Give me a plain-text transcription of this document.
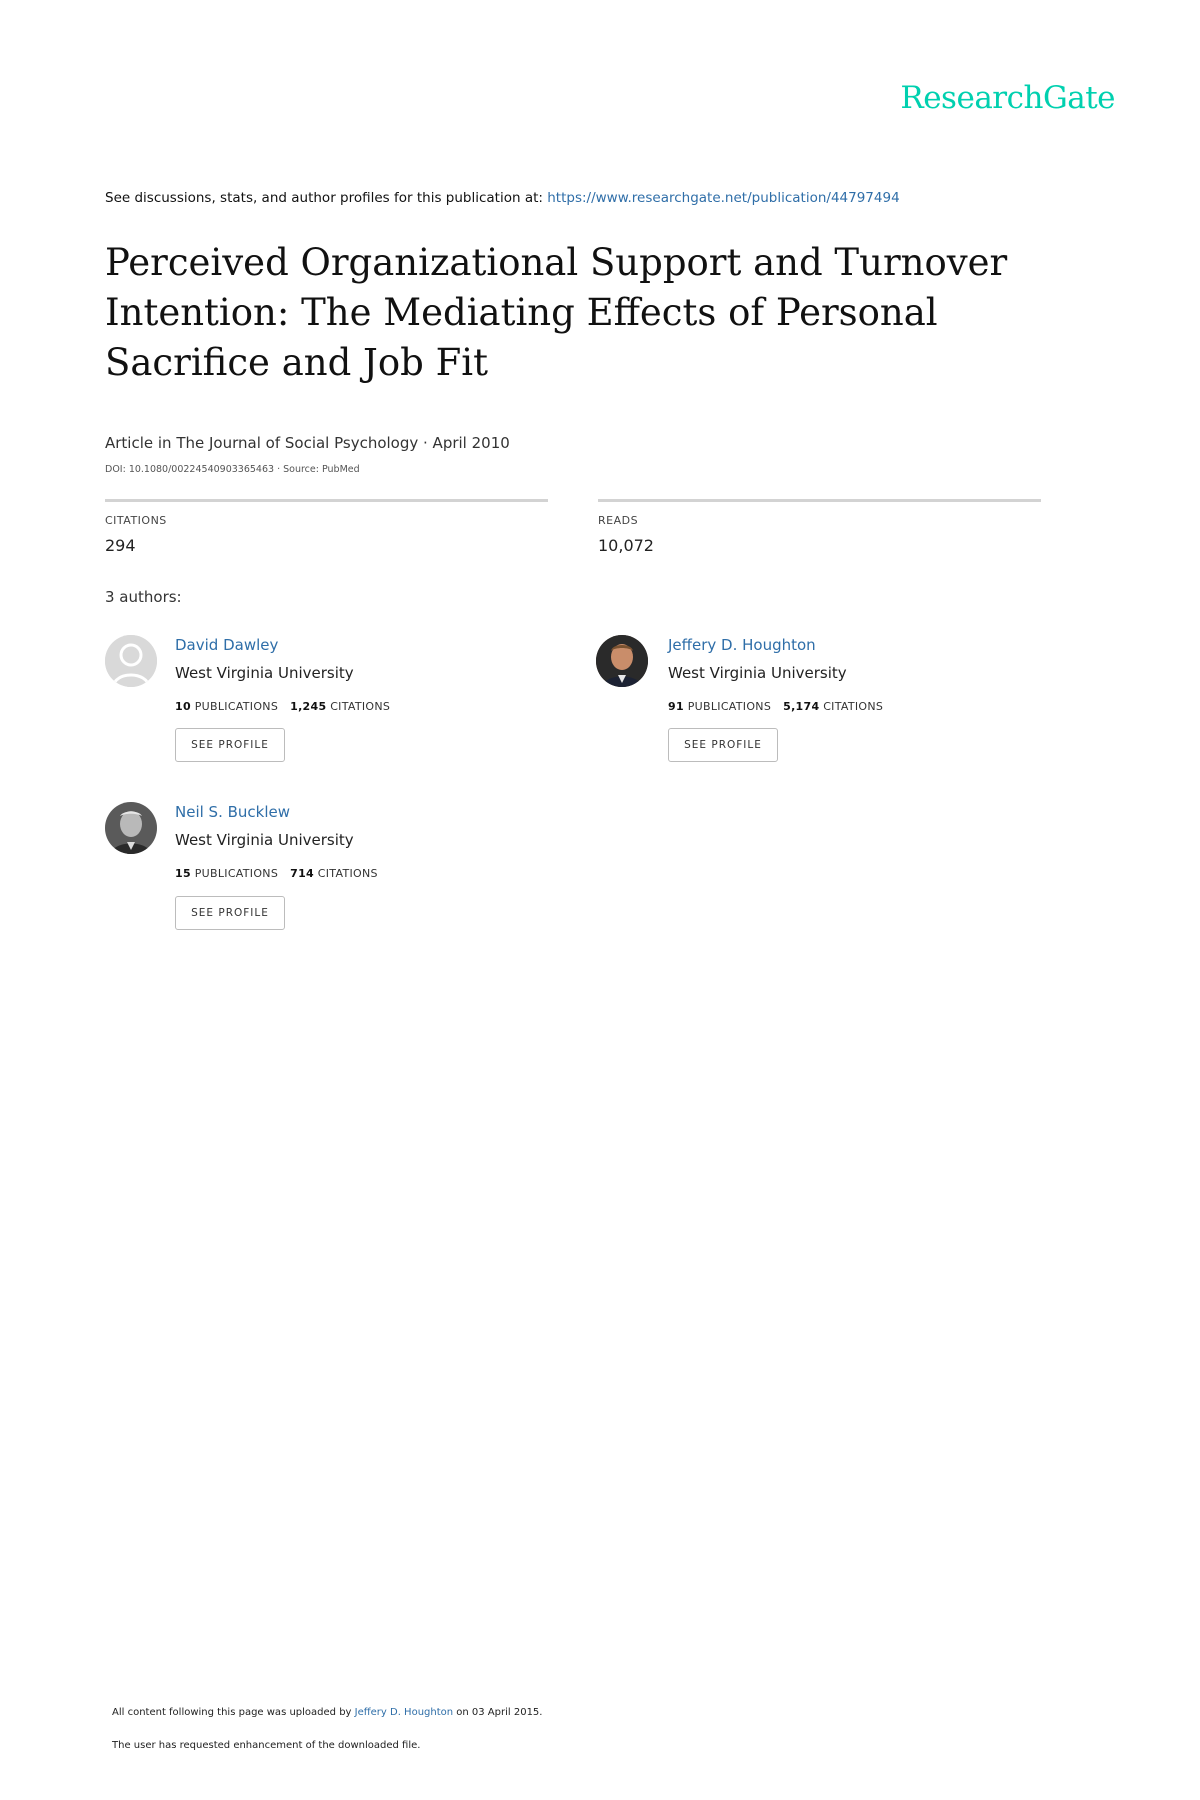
ResearchGate
See discussions, stats, and author profiles for this publication at: https://www.researchgate.net/publication/44797494
Perceived Organizational Support and Turnover Intention: The Mediating Effects of Personal Sacrifice and Job Fit
Article in The Journal of Social Psychology · April 2010
DOI: 10.1080/00224540903365463 · Source: PubMed
CITATIONS
294
READS
10,072
3 authors:
David Dawley
West Virginia University
10 PUBLICATIONS 1,245 CITATIONS
SEE PROFILE
Jeffery D. Houghton
West Virginia University
91 PUBLICATIONS 5,174 CITATIONS
SEE PROFILE
Neil S. Bucklew
West Virginia University
15 PUBLICATIONS 714 CITATIONS
SEE PROFILE
All content following this page was uploaded by Jeffery D. Houghton on 03 April 2015.
The user has requested enhancement of the downloaded file.
